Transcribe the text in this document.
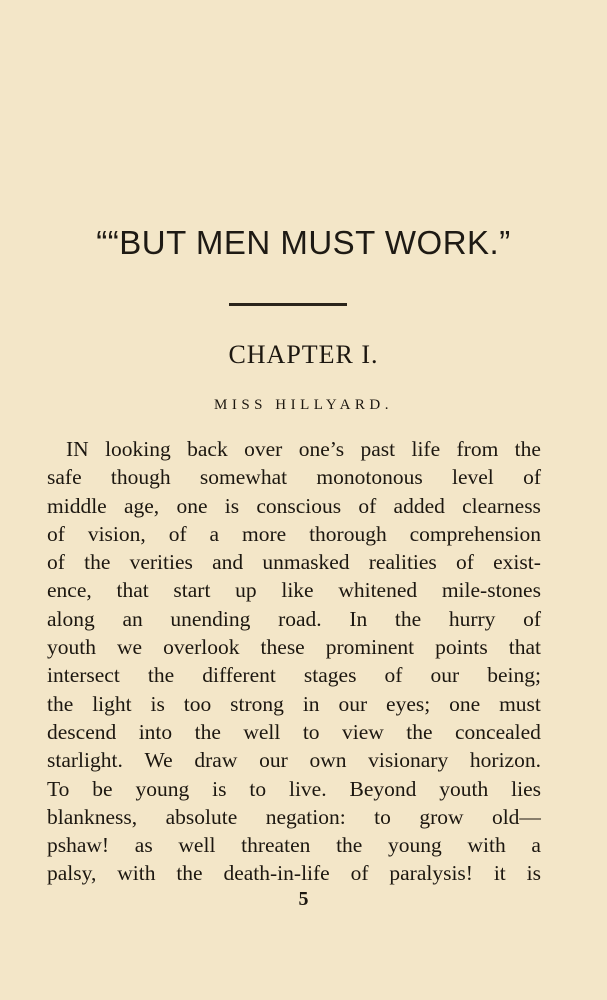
““BUT MEN MUST WORK.”
CHAPTER I.
MISS HILLYARD.
IN looking back over one’s past life from the
safe though somewhat monotonous level of
middle age, one is conscious of added clearness
of vision, of a more thorough comprehension
of the verities and unmasked realities of exist-
ence, that start up like whitened mile-stones
along an unending road. In the hurry of
youth we overlook these prominent points that
intersect the different stages of our being;
the light is too strong in our eyes; one must
descend into the well to view the concealed
starlight. We draw our own visionary horizon.
To be young is to live. Beyond youth lies
blankness, absolute negation: to grow old—
pshaw! as well threaten the young with a
palsy, with the death-in-life of paralysis! it is
5
